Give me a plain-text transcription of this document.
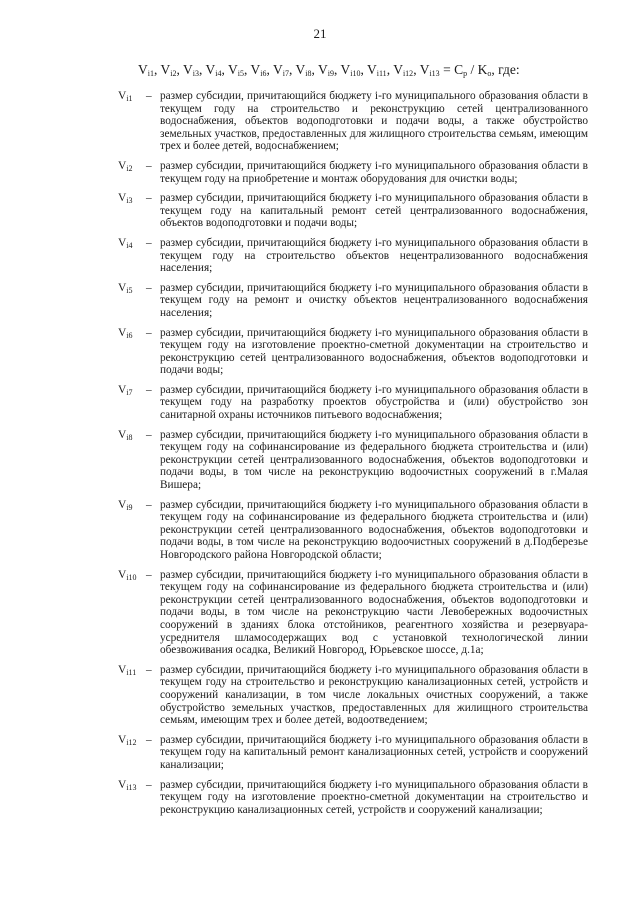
21
$V_{i1}$, $V_{i2}$, $V_{i3}$, $V_{i4}$, $V_{i5}$, $V_{i6}$, $V_{i7}$, $V_{i8}$, $V_{i9}$, $V_{i10}$, $V_{i11}$, $V_{i12}$, $V_{i13} = C_p / K_o$, где:
$V_{i1}$	– размер субсидии, причитающийся бюджету i-го муниципального образования области в текущем году на строительство и реконструкцию сетей централизованного водоснабжения, объектов водоподготовки и подачи воды, а также обустройство земельных участков, предоставленных для жилищного строительства семьям, имеющим трех и более детей, водоснабжением;
$V_{i2}$	– размер субсидии, причитающийся бюджету i-го муниципального образования области в текущем году на приобретение и монтаж оборудования для очистки воды;
$V_{i3}$	– размер субсидии, причитающийся бюджету i-го муниципального образования области в текущем году на капитальный ремонт сетей централизованного водоснабжения, объектов водоподготовки и подачи воды;
$V_{i4}$	– размер субсидии, причитающийся бюджету i-го муниципального образования области в текущем году на строительство объектов нецентрализованного водоснабжения населения;
$V_{i5}$	– размер субсидии, причитающийся бюджету i-го муниципального образования области в текущем году на ремонт и очистку объектов нецентрализованного водоснабжения населения;
$V_{i6}$	– размер субсидии, причитающийся бюджету i-го муниципального образования области в текущем году на изготовление проектно-сметной документации на строительство и реконструкцию сетей централизованного водоснабжения, объектов водоподготовки и подачи воды;
$V_{i7}$	– размер субсидии, причитающийся бюджету i-го муниципального образования области в текущем году на разработку проектов обустройства и (или) обустройство зон санитарной охраны источников питьевого водоснабжения;
$V_{i8}$	– размер субсидии, причитающийся бюджету i-го муниципального образования области в текущем году на софинансирование из федерального бюджета строительства и (или) реконструкции сетей централизованного водоснабжения, объектов водоподготовки и подачи воды, в том числе на реконструкцию водоочистных сооружений в г.Малая Вишера;
$V_{i9}$	– размер субсидии, причитающийся бюджету i-го муниципального образования области в текущем году на софинансирование из федерального бюджета строительства и (или) реконструкции сетей централизованного водоснабжения, объектов водоподготовки и подачи воды, в том числе на реконструкцию водоочистных сооружений в д.Подберезье Новгородского района Новгородской области;
$V_{i10}$ – размер субсидии, причитающийся бюджету i-го муниципального образования области в текущем году на софинансирование из федерального бюджета строительства и (или) реконструкции сетей централизованного водоснабжения, объектов водоподготовки и подачи воды, в том числе на реконструкцию части Левобережных водоочистных сооружений в зданиях блока отстойников, реагентного хозяйства и резервуара-усреднителя шламосодержащих вод с установкой технологической линии обезвоживания осадка, Великий Новгород, Юрьевское шоссе, д.1а;
$V_{i11}$ – размер субсидии, причитающийся бюджету i-го муниципального образования области в текущем году на строительство и реконструкцию канализационных сетей, устройств и сооружений канализации, в том числе локальных очистных сооружений, а также обустройство земельных участков, предоставленных для жилищного строительства семьям, имеющим трех и более детей, водоотведением;
$V_{i12}$ – размер субсидии, причитающийся бюджету i-го муниципального образования области в текущем году на капитальный ремонт канализационных сетей, устройств и сооружений канализации;
$V_{i13}$ – размер субсидии, причитающийся бюджету i-го муниципального образования области в текущем году на изготовление проектно-сметной документации на строительство и реконструкцию канализационных сетей, устройств и сооружений канализации;
